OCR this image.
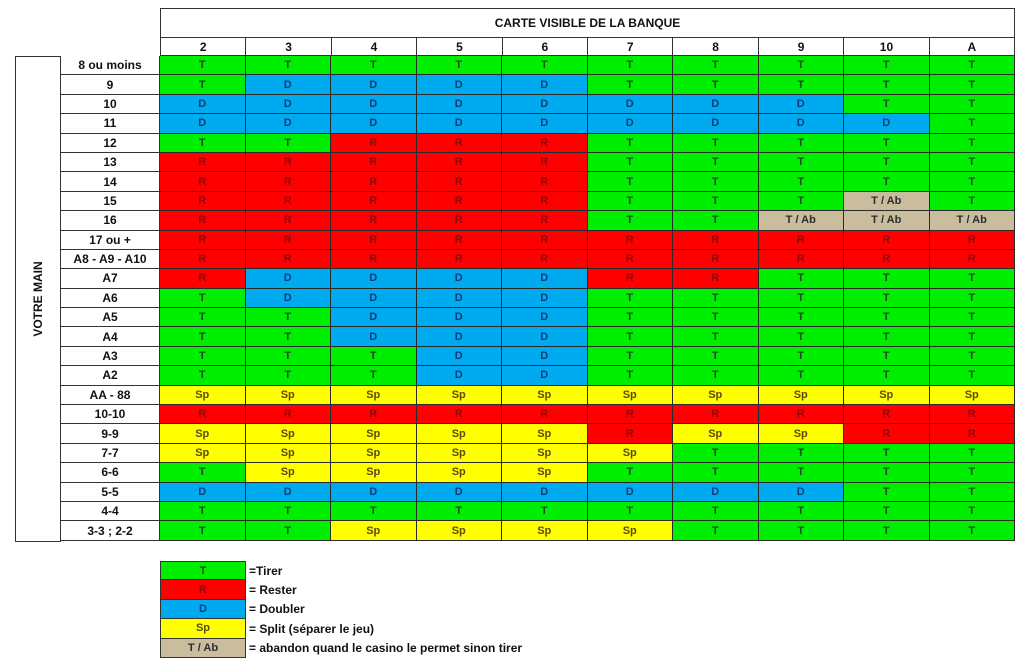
CARTE VISIBLE DE LA BANQUE
2	3	4	5	6	7	8	9	10	A
VOTRE MAIN
8 ou moins	T	T	T	T	T	T	T	T	T	T
9	T	D	D	D	D	T	T	T	T	T
10	D	D	D	D	D	D	D	D	T	T
11	D	D	D	D	D	D	D	D	D	T
12	T	T	R	R	R	T	T	T	T	T
13	R	R	R	R	R	T	T	T	T	T
14	R	R	R	R	R	T	T	T	T	T
15	R	R	R	R	R	T	T	T	T / Ab	T
16	R	R	R	R	R	T	T	T / Ab	T / Ab	T / Ab
17 ou +	R	R	R	R	R	R	R	R	R	R
A8 - A9 - A10	R	R	R	R	R	R	R	R	R	R
A7	R	D	D	D	D	R	R	T	T	T
A6	T	D	D	D	D	T	T	T	T	T
A5	T	T	D	D	D	T	T	T	T	T
A4	T	T	D	D	D	T	T	T	T	T
A3	T	T	T	D	D	T	T	T	T	T
A2	T	T	T	D	D	T	T	T	T	T
AA - 88	Sp	Sp	Sp	Sp	Sp	Sp	Sp	Sp	Sp	Sp
10-10	R	R	R	R	R	R	R	R	R	R
9-9	Sp	Sp	Sp	Sp	Sp	R	Sp	Sp	R	R
7-7	Sp	Sp	Sp	Sp	Sp	Sp	T	T	T	T
6-6	T	Sp	Sp	Sp	Sp	T	T	T	T	T
5-5	D	D	D	D	D	D	D	D	T	T
4-4	T	T	T	T	T	T	T	T	T	T
3-3 ; 2-2	T	T	Sp	Sp	Sp	Sp	T	T	T	T
T	=Tirer
R	= Rester
D	= Doubler
Sp	= Split (séparer le jeu)
T / Ab	= abandon quand le casino le permet sinon tirer
